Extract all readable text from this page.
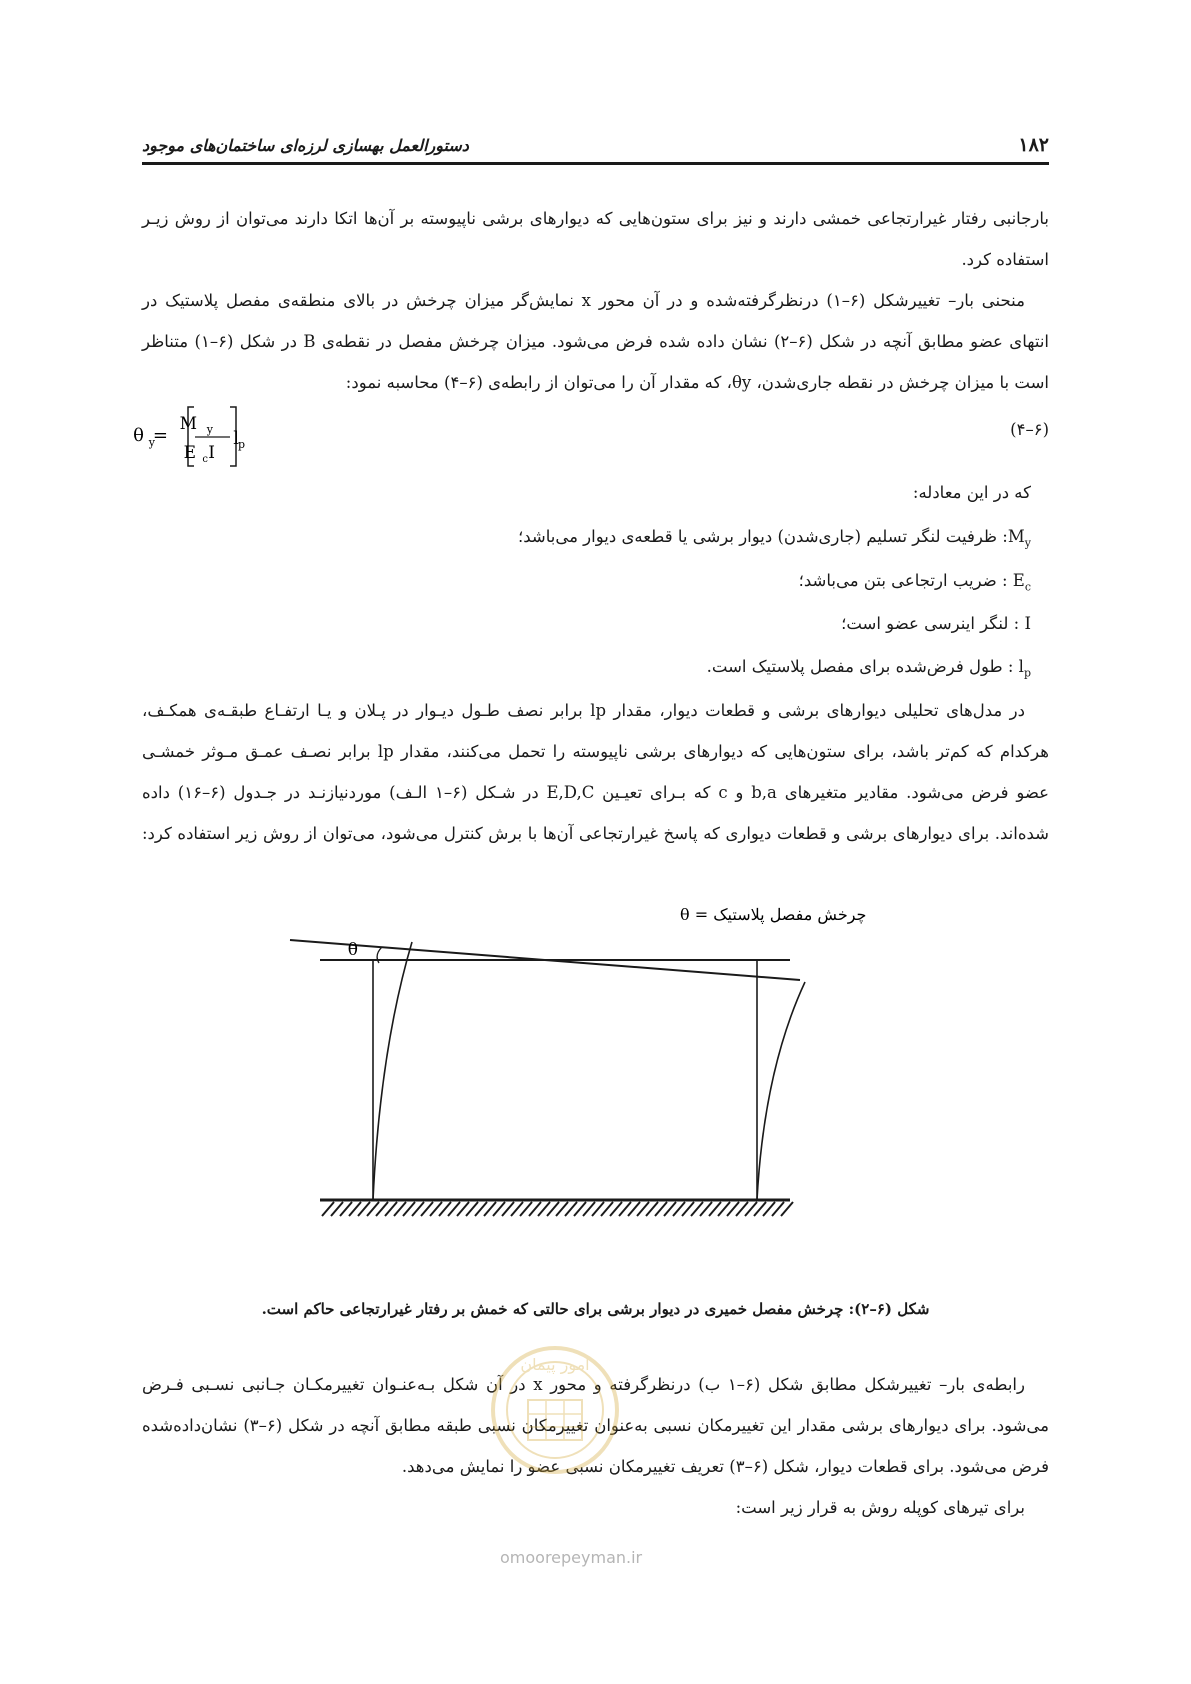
۱۸۲
دستورالعمل بهسازی لرزه‌ای ساختمان‌های موجود
بارجانبی رفتار غیرارتجاعی خمشی دارند و نیز برای ستون‌هایی که دیوارهای برشی ناپیوسته بر آن‌ها اتکا دارند می‌توان از روش زیـر
استفاده کرد.
منحنی بار– تغییرشکل (۶–۱) درنظرگرفته‌شده و در آن محور x نمایش‌گر میزان چرخش در بالای منطقه‌ی مفصل پلاستیک در
انتهای عضو مطابق آنچه در شکل (۶–۲) نشان داده شده فرض می‌شود. میزان چرخش مفصل در نقطه‌ی B در شکل (۶–۱) متناظر
است با میزان چرخش در نقطه جاری‌شدن، θy، که مقدار آن را می‌توان از رابطه‌ی (۶–۴) محاسبه نمود:
(۶–۴)
θ y
=
M y
E c I
l
p
که در این معادله:
$M_y$: ظرفیت لنگر تسلیم (جاری‌شدن) دیوار برشی یا قطعه‌ی دیوار می‌باشد؛
$E_c$ : ضریب ارتجاعی بتن می‌باشد؛
I : لنگر اینرسی عضو است؛
$l_p$ : طول فرض‌شده برای مفصل پلاستیک است.
در مدل‌های تحلیلی دیوارهای برشی و قطعات دیوار، مقدار lp برابر نصف طـول دیـوار در پـلان و یـا ارتفـاع طبقـه‌ی همکـف،
هرکدام که کم‌تر باشد، برای ستون‌هایی که دیوارهای برشی ناپیوسته را تحمل می‌کنند، مقدار lp برابر نصـف عمـق مـوثر خمشـی
عضو فرض می‌شود. مقادیر متغیرهای b,a و c که بـرای تعیـین E,D,C در شـکل (۶–۱ الـف) موردنیازنـد در جـدول (۶–۱۶) داده
شده‌اند. برای دیوارهای برشی و قطعات دیواری که پاسخ غیرارتجاعی آن‌ها با برش کنترل می‌شود، می‌توان از روش زیر استفاده کرد:
چرخش مفصل پلاستیک = θ
θ
شکل (۶–۲): چرخش مفصل خمیری در دیوار برشی برای حالتی که خمش بر رفتار غیرارتجاعی حاکم است.
رابطه‌ی بار– تغییرشکل مطابق شکل (۶–۱ ب) درنظرگرفته و محور x در آن شکل بـه‌عنـوان تغییرمکـان جـانبی نسـبی فـرض
می‌شود. برای دیوارهای برشی مقدار این تغییرمکان نسبی به‌عنوان تغییرمکان نسبی طبقه مطابق آنچه در شکل (۶–۳) نشان‌داده‌شده
فرض می‌شود. برای قطعات دیوار، شکل (۶–۳) تعریف تغییرمکان نسبی عضو را نمایش می‌دهد.
برای تیرهای کوپله روش به قرار زیر است:
امور پیمان
omoorepeyman.ir
